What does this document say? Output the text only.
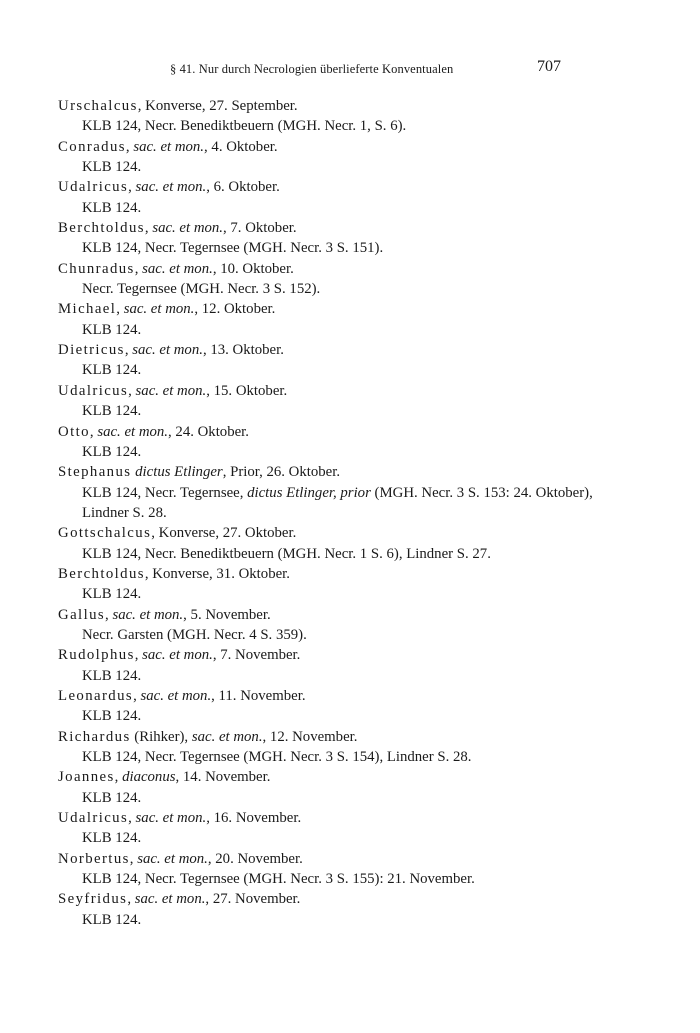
§ 41. Nur durch Necrologien überlieferte Konventualen	707
Urschalcus, Konverse, 27. September.
KLB 124, Necr. Benediktbeuern (MGH. Necr. 1, S. 6).
Conradus, sac. et mon., 4. Oktober.
KLB 124.
Udalricus, sac. et mon., 6. Oktober.
KLB 124.
Berchtoldus, sac. et mon., 7. Oktober.
KLB 124, Necr. Tegernsee (MGH. Necr. 3 S. 151).
Chunradus, sac. et mon., 10. Oktober.
Necr. Tegernsee (MGH. Necr. 3 S. 152).
Michael, sac. et mon., 12. Oktober.
KLB 124.
Dietricus, sac. et mon., 13. Oktober.
KLB 124.
Udalricus, sac. et mon., 15. Oktober.
KLB 124.
Otto, sac. et mon., 24. Oktober.
KLB 124.
Stephanus dictus Etlinger, Prior, 26. Oktober.
KLB 124, Necr. Tegernsee, dictus Etlinger, prior (MGH. Necr. 3 S. 153: 24. Oktober), Lindner S. 28.
Gottschalcus, Konverse, 27. Oktober.
KLB 124, Necr. Benediktbeuern (MGH. Necr. 1 S. 6), Lindner S. 27.
Berchtoldus, Konverse, 31. Oktober.
KLB 124.
Gallus, sac. et mon., 5. November.
Necr. Garsten (MGH. Necr. 4 S. 359).
Rudolphus, sac. et mon., 7. November.
KLB 124.
Leonardus, sac. et mon., 11. November.
KLB 124.
Richardus (Rihker), sac. et mon., 12. November.
KLB 124, Necr. Tegernsee (MGH. Necr. 3 S. 154), Lindner S. 28.
Joannes, diaconus, 14. November.
KLB 124.
Udalricus, sac. et mon., 16. November.
KLB 124.
Norbertus, sac. et mon., 20. November.
KLB 124, Necr. Tegernsee (MGH. Necr. 3 S. 155): 21. November.
Seyfridus, sac. et mon., 27. November.
KLB 124.
